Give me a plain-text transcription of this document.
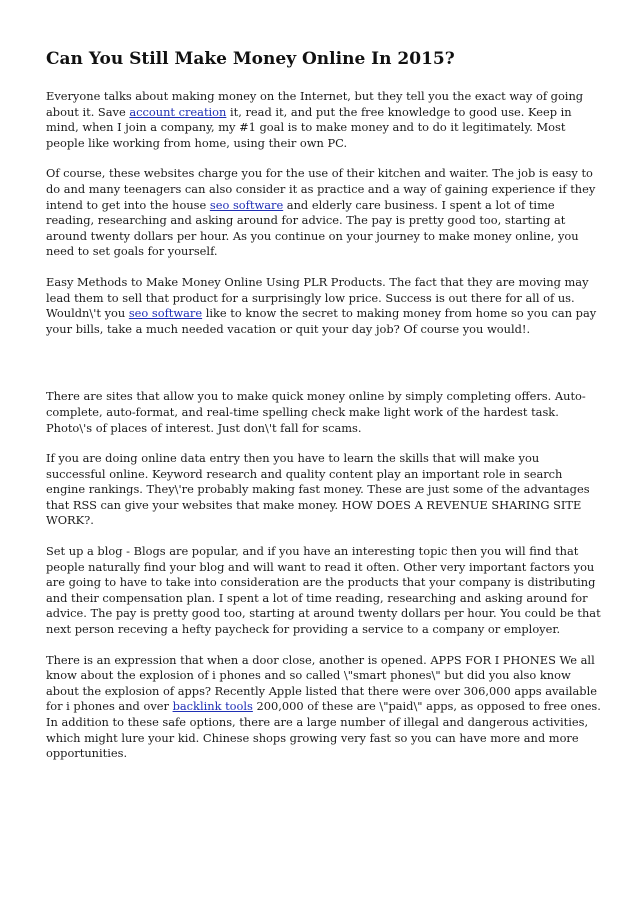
Can You Still Make Money Online In 2015?

Everyone talks about making money on the Internet, but they tell you the exact way of going about it. Save account creation it, read it, and put the free knowledge to good use. Keep in mind, when I join a company, my #1 goal is to make money and to do it legitimately. Most people like working from home, using their own PC.

Of course, these websites charge you for the use of their kitchen and waiter. The job is easy to do and many teenagers can also consider it as practice and a way of gaining experience if they intend to get into the house seo software and elderly care business. I spent a lot of time reading, researching and asking around for advice. The pay is pretty good too, starting at around twenty dollars per hour. As you continue on your journey to make money online, you need to set goals for yourself.

Easy Methods to Make Money Online Using PLR Products. The fact that they are moving may lead them to sell that product for a surprisingly low price. Success is out there for all of us. Wouldn\'t you seo software like to know the secret to making money from home so you can pay your bills, take a much needed vacation or quit your day job? Of course you would!.

There are sites that allow you to make quick money online by simply completing offers. Auto-complete, auto-format, and real-time spelling check make light work of the hardest task. Photo\'s of places of interest. Just don\'t fall for scams.

If you are doing online data entry then you have to learn the skills that will make you successful online. Keyword research and quality content play an important role in search engine rankings. They\'re probably making fast money. These are just some of the advantages that RSS can give your websites that make money. HOW DOES A REVENUE SHARING SITE WORK?.

Set up a blog - Blogs are popular, and if you have an interesting topic then you will find that people naturally find your blog and will want to read it often. Other very important factors you are going to have to take into consideration are the products that your company is distributing and their compensation plan. I spent a lot of time reading, researching and asking around for advice. The pay is pretty good too, starting at around twenty dollars per hour. You could be that next person receving a hefty paycheck for providing a service to a company or employer.

There is an expression that when a door close, another is opened. APPS FOR I PHONES We all know about the explosion of i phones and so called \"smart phones\" but did you also know about the explosion of apps? Recently Apple listed that there were over 306,000 apps available for i phones and over backlink tools 200,000 of these are \"paid\" apps, as opposed to free ones. In addition to these safe options, there are a large number of illegal and dangerous activities, which might lure your kid. Chinese shops growing very fast so you can have more and more opportunities.
